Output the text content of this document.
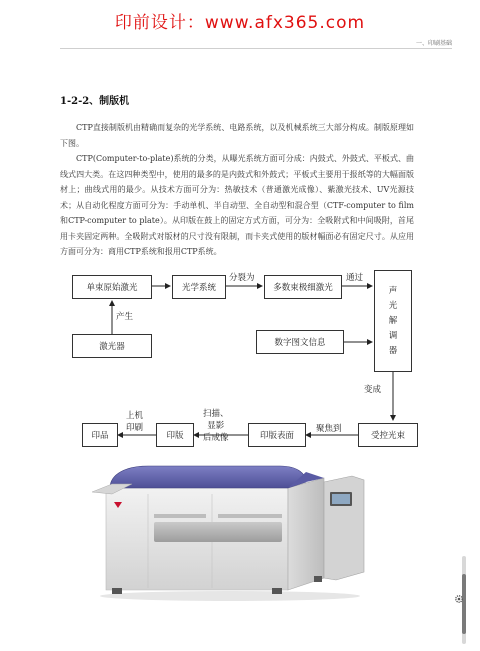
印前设计：www.afx365.com
一、印刷基础
1-2-2、制版机

CTP直接制版机由精确而复杂的光学系统、电路系统，以及机械系统三大部分构成。制版原理如下图。

CTP(Computer-to-plate)系统的分类，从曝光系统方面可分成：内鼓式、外鼓式、平板式、曲线式四大类。在这四种类型中，使用的最多的是内鼓式和外鼓式；平板式主要用于报纸等的大幅面版材上；曲线式用的最少。从技术方面可分为：热敏技术（普通激光成像）、紫激光技术、UV光源技术；从自动化程度方面可分为：手动单机、半自动型、全自动型和混合型（CTF-computer to film和CTP-computer to plate）。从印版在鼓上的固定方式方面，可分为：全吸附式和中间吸附，首尾用卡夹固定两种。全吸附式对版材的尺寸没有限制，而卡夹式使用的版材幅面必有固定尺寸。从应用方面可分为：商用CTP系统和报用CTP系统。

单束原始激光	光学系统	多数束极细激光	声
光
解
调
器
激光器	数字图文信息
印品	印版	印版表面	受控光束
产生
分裂为	通过
变成
聚焦到
扫描、
显影
后成像
上机
印刷
